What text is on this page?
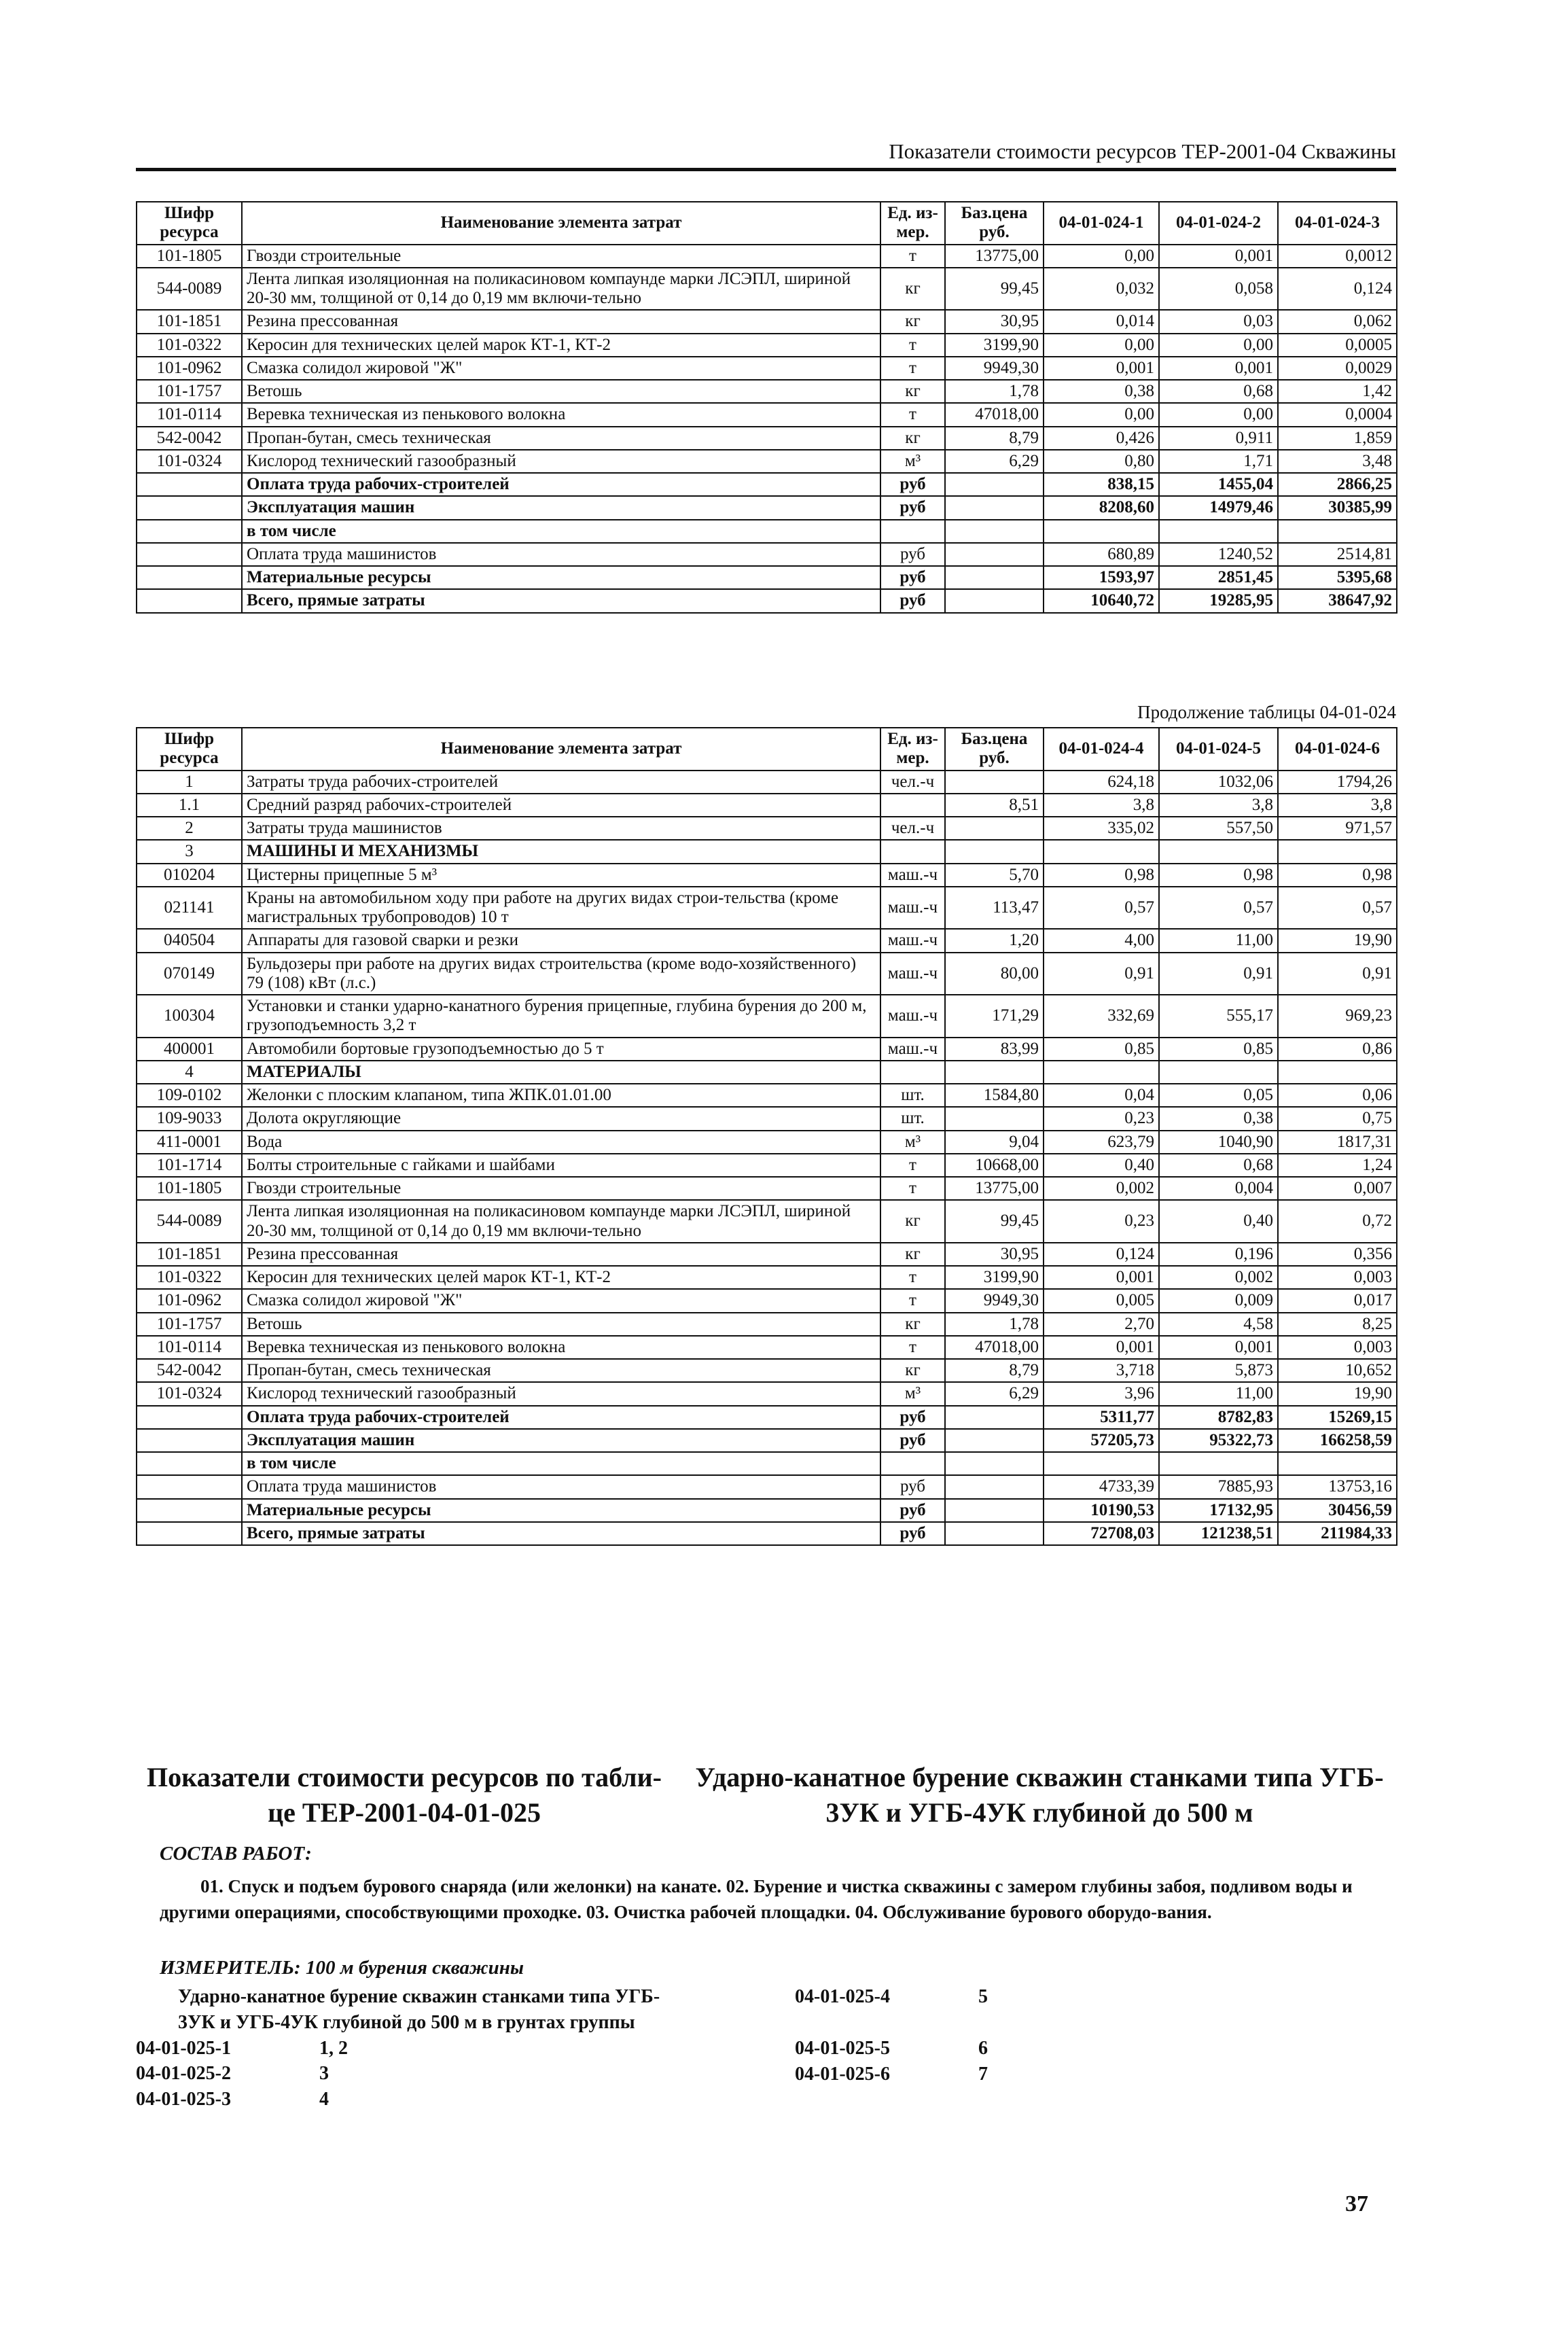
Показатели стоимости ресурсов ТЕР-2001-04 Скважины
Шифр ресурса	Наименование элемента затрат	Ед. из-мер.	Баз.цена руб.	04-01-024-1	04-01-024-2	04-01-024-3
101-1805	Гвозди строительные	т	13775,00	0,00	0,001	0,0012
544-0089	Лента липкая изоляционная на поликасиновом компаунде марки ЛСЭПЛ, шириной 20-30 мм, толщиной от 0,14 до 0,19 мм включи-тельно	кг	99,45	0,032	0,058	0,124
101-1851	Резина прессованная	кг	30,95	0,014	0,03	0,062
101-0322	Керосин для технических целей марок КТ-1, КТ-2	т	3199,90	0,00	0,00	0,0005
101-0962	Смазка солидол жировой "Ж"	т	9949,30	0,001	0,001	0,0029
101-1757	Ветошь	кг	1,78	0,38	0,68	1,42
101-0114	Веревка техническая из пенькового волокна	т	47018,00	0,00	0,00	0,0004
542-0042	Пропан-бутан, смесь техническая	кг	8,79	0,426	0,911	1,859
101-0324	Кислород технический газообразный	м³	6,29	0,80	1,71	3,48
	Оплата труда рабочих-строителей	руб		838,15	1455,04	2866,25
	Эксплуатация машин	руб		8208,60	14979,46	30385,99
	в том числе					
	Оплата труда машинистов	руб		680,89	1240,52	2514,81
	Материальные ресурсы	руб		1593,97	2851,45	5395,68
	Всего, прямые затраты	руб		10640,72	19285,95	38647,92
Продолжение таблицы 04-01-024
Шифр ресурса	Наименование элемента затрат	Ед. из-мер.	Баз.цена руб.	04-01-024-4	04-01-024-5	04-01-024-6
1	Затраты труда рабочих-строителей	чел.-ч		624,18	1032,06	1794,26
1.1	Средний разряд рабочих-строителей		8,51	3,8	3,8	3,8
2	Затраты труда машинистов	чел.-ч		335,02	557,50	971,57
3	МАШИНЫ И МЕХАНИЗМЫ					
010204	Цистерны прицепные 5 м³	маш.-ч	5,70	0,98	0,98	0,98
021141	Краны на автомобильном ходу при работе на других видах строи-тельства (кроме магистральных трубопроводов) 10 т	маш.-ч	113,47	0,57	0,57	0,57
040504	Аппараты для газовой сварки и резки	маш.-ч	1,20	4,00	11,00	19,90
070149	Бульдозеры при работе на других видах строительства (кроме водо-хозяйственного) 79 (108) кВт (л.с.)	маш.-ч	80,00	0,91	0,91	0,91
100304	Установки и станки ударно-канатного бурения прицепные, глубина бурения до 200 м, грузоподъемность 3,2 т	маш.-ч	171,29	332,69	555,17	969,23
400001	Автомобили бортовые грузоподъемностью до 5 т	маш.-ч	83,99	0,85	0,85	0,86
4	МАТЕРИАЛЫ					
109-0102	Желонки с плоским клапаном, типа ЖПК.01.01.00	шт.	1584,80	0,04	0,05	0,06
109-9033	Долота округляющие	шт.		0,23	0,38	0,75
411-0001	Вода	м³	9,04	623,79	1040,90	1817,31
101-1714	Болты строительные с гайками и шайбами	т	10668,00	0,40	0,68	1,24
101-1805	Гвозди строительные	т	13775,00	0,002	0,004	0,007
544-0089	Лента липкая изоляционная на поликасиновом компаунде марки ЛСЭПЛ, шириной 20-30 мм, толщиной от 0,14 до 0,19 мм включи-тельно	кг	99,45	0,23	0,40	0,72
101-1851	Резина прессованная	кг	30,95	0,124	0,196	0,356
101-0322	Керосин для технических целей марок КТ-1, КТ-2	т	3199,90	0,001	0,002	0,003
101-0962	Смазка солидол жировой "Ж"	т	9949,30	0,005	0,009	0,017
101-1757	Ветошь	кг	1,78	2,70	4,58	8,25
101-0114	Веревка техническая из пенькового волокна	т	47018,00	0,001	0,001	0,003
542-0042	Пропан-бутан, смесь техническая	кг	8,79	3,718	5,873	10,652
101-0324	Кислород технический газообразный	м³	6,29	3,96	11,00	19,90
	Оплата труда рабочих-строителей	руб		5311,77	8782,83	15269,15
	Эксплуатация машин	руб		57205,73	95322,73	166258,59
	в том числе					
	Оплата труда машинистов	руб		4733,39	7885,93	13753,16
	Материальные ресурсы	руб		10190,53	17132,95	30456,59
	Всего, прямые затраты	руб		72708,03	121238,51	211984,33
Показатели стоимости ресурсов по табли-
це ТЕР-2001-04-01-025
Ударно-канатное бурение скважин станками типа УГБ-
3УК и УГБ-4УК глубиной до 500 м
СОСТАВ РАБОТ:
01. Спуск и подъем бурового снаряда (или желонки) на канате. 02. Бурение и чистка скважины с замером глубины забоя, подливом воды и другими операциями, способствующими проходке. 03. Очистка рабочей площадки. 04. Обслуживание бурового оборудо-вания.
ИЗМЕРИТЕЛЬ: 100 м бурения скважины
Ударно-канатное бурение скважин станками типа УГБ-
3УК и УГБ-4УК глубиной до 500 м в грунтах группы
04-01-025-1	1, 2
04-01-025-2	3
04-01-025-3	4
04-01-025-4	5
04-01-025-5	6
04-01-025-6	7
37
